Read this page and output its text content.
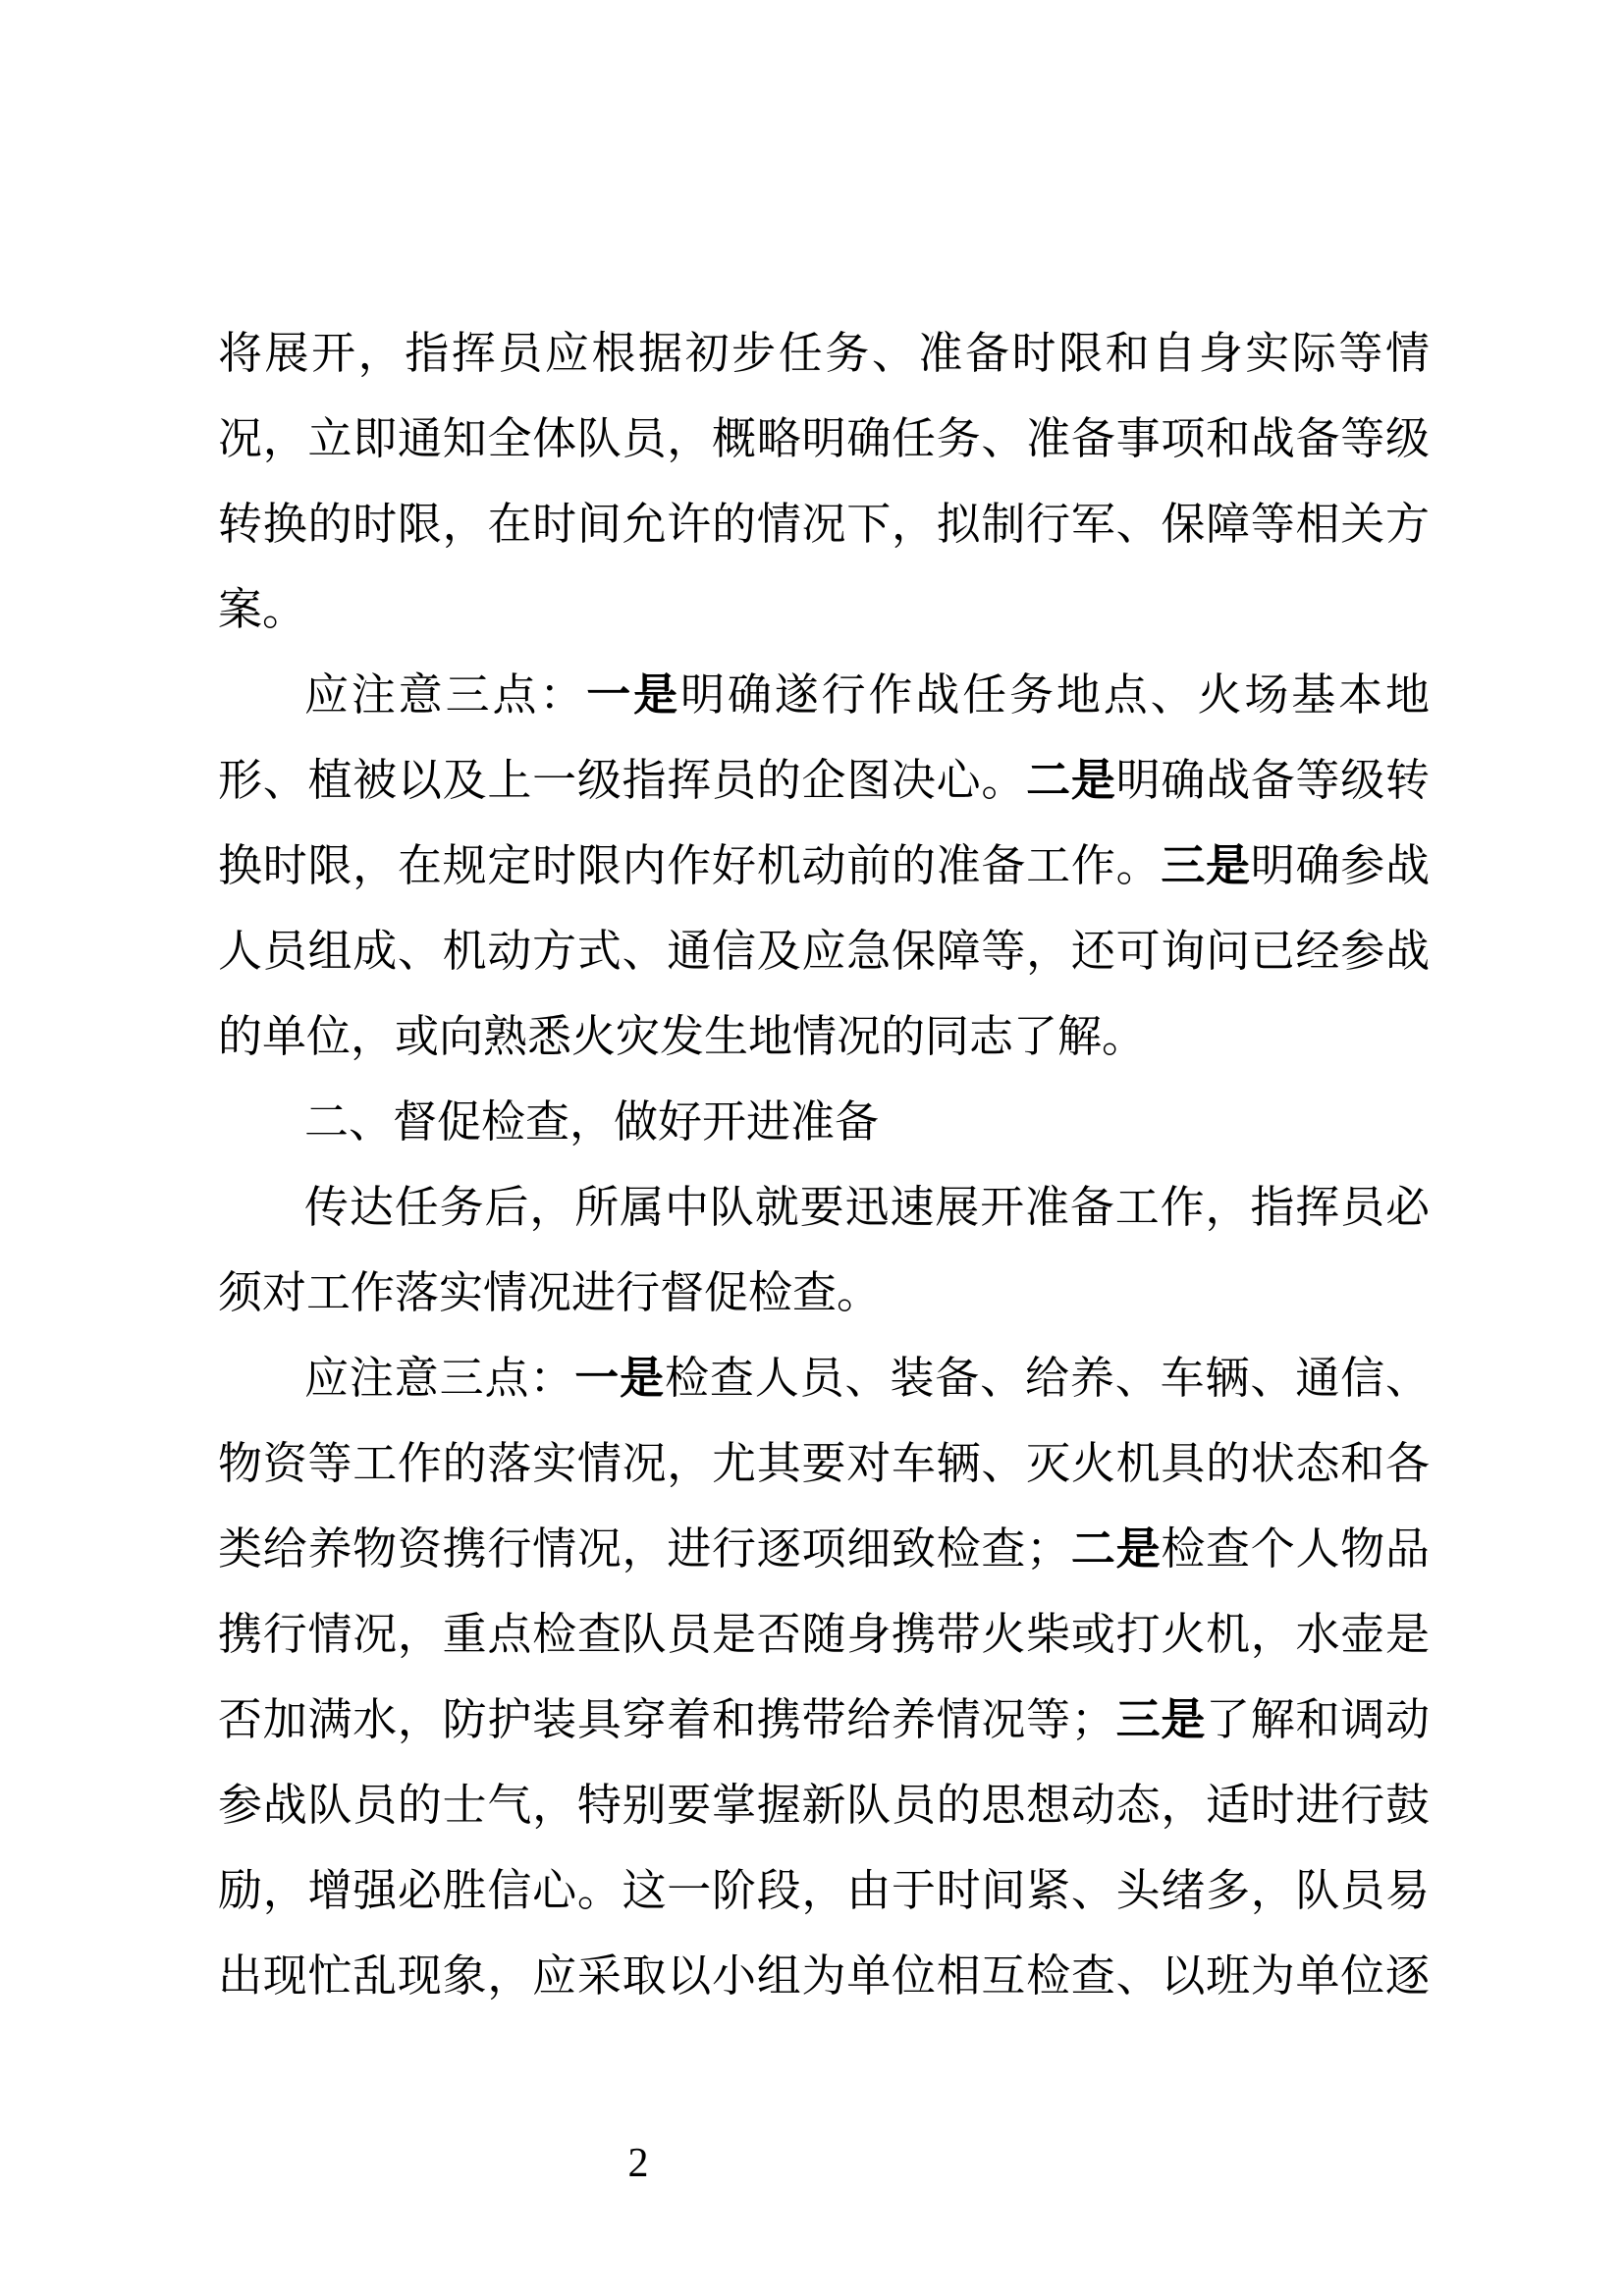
将展开，指挥员应根据初步任务、准备时限和自身实际等情
况，立即通知全体队员，概略明确任务、准备事项和战备等级
转换的时限，在时间允许的情况下，拟制行军、保障等相关方
案。
应注意三点：一是明确遂行作战任务地点、火场基本地
形、植被以及上一级指挥员的企图决心。二是明确战备等级转
换时限，在规定时限内作好机动前的准备工作。三是明确参战
人员组成、机动方式、通信及应急保障等，还可询问已经参战
的单位，或向熟悉火灾发生地情况的同志了解。
二、督促检查，做好开进准备
传达任务后，所属中队就要迅速展开准备工作，指挥员必
须对工作落实情况进行督促检查。
应注意三点：一是检查人员、装备、给养、车辆、通信、
物资等工作的落实情况，尤其要对车辆、灭火机具的状态和各
类给养物资携行情况，进行逐项细致检查；二是检查个人物品
携行情况，重点检查队员是否随身携带火柴或打火机，水壶是
否加满水，防护装具穿着和携带给养情况等；三是了解和调动
参战队员的士气，特别要掌握新队员的思想动态，适时进行鼓
励，增强必胜信心。这一阶段，由于时间紧、头绪多，队员易
出现忙乱现象，应采取以小组为单位相互检查、以班为单位逐
2
